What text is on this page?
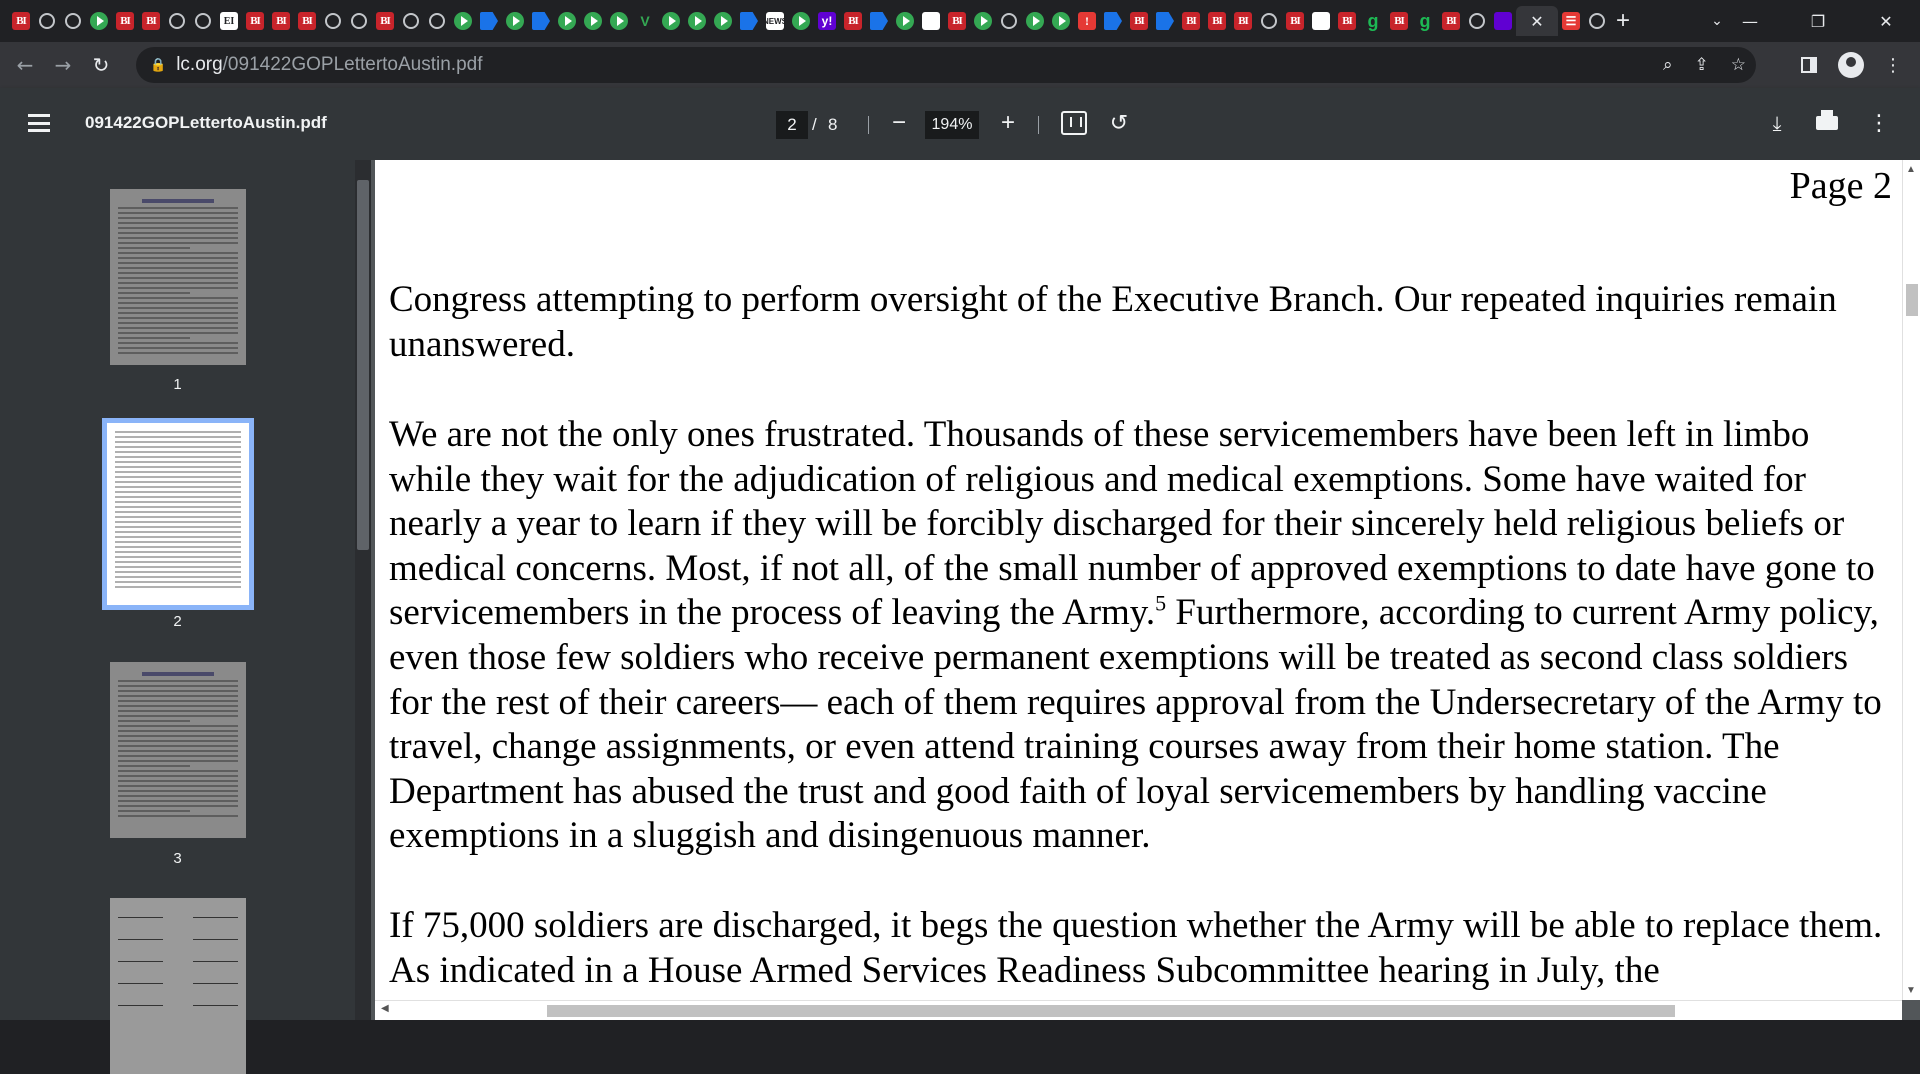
BI	BI	BI	EI	BI	BI	BI	BI	V	NEWS	y!	BI	BI	!	BI	BI	BI	BI	BI	BI g	BI g	BI	✕	☰ +	⌄	—	❐	✕
←	→	↻	🔒 lc.org /091422GOPLettertoAustin.pdf	⌕ ⇪ ☆	⋮
091422GOPLettertoAustin.pdf	2 / 8	−	194%	+	↺	⤓	⋮
1
2
3
Page 2
Congress attempting to perform oversight of the Executive Branch. Our repeated inquiries remain unanswered.
We are not the only ones frustrated. Thousands of these servicemembers have been left in limbo while they wait for the adjudication of religious and medical exemptions. Some have waited for nearly a year to learn if they will be forcibly discharged for their sincerely held religious beliefs or medical concerns. Most, if not all, of the small number of approved exemptions to date have gone to servicemembers in the process of leaving the Army.$^5$ Furthermore, according to current Army policy, even those few soldiers who receive permanent exemptions will be treated as second class soldiers for the rest of their careers— each of them requires approval from the Undersecretary of the Army to travel, change assignments, or even attend training courses away from their home station. The Department has abused the trust and good faith of loyal servicemembers by handling vaccine exemptions in a sluggish and disingenuous manner.
If 75,000 soldiers are discharged, it begs the question whether the Army will be able to replace them. As indicated in a House Armed Services Readiness Subcommittee hearing in July, the
▲
▼
◀
